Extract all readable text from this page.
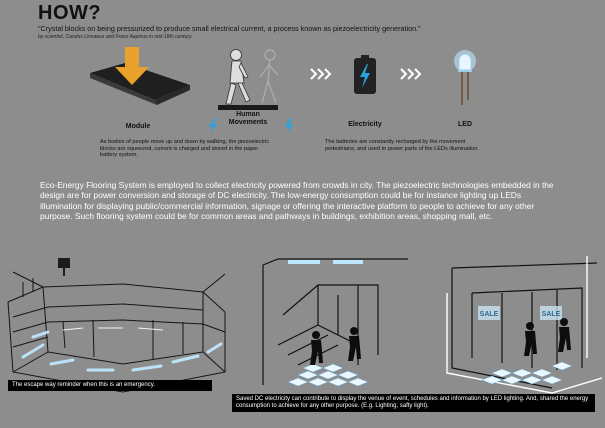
HOW?
"Crystal blocks on being pressurized to produce small electrical current, a process known as piezoelectricity generation."
by scientist, Carolus Linnaeus and Franz Aepinus in mid-18th century.
Module
Human
Movements	Electricity	LED
As bodies of people move up and down by walking, the piezoelectric blocks are squeezed, current is charged and stored in the paper battery system.
The batteries are constantly recharged by the movement pedestrians, and used to power parts of the LEDs illumination.
Eco-Energy Flooring System is employed to collect electricity powered from crowds in city. The piezoelectric technologies embedded in the design are for power conversion and storage of DC electricity. The low-energy consumption could be for instance lighting up LEDs illumination for displaying public/commercial information, signage or offering the interactive platform to people to achieve for any other purpose. Such flooring system could be for common areas and pathways in buildings, exhibition areas, shopping mall, etc.
The escape way reminder when this is an emergency.
SALE	SALE
Saved DC electricity can contribute to display the venue of event, schedules and information by LED lighting. And, shared the energy consumption to achieve for any other purpose. (E.g. Lighting, safty light).
